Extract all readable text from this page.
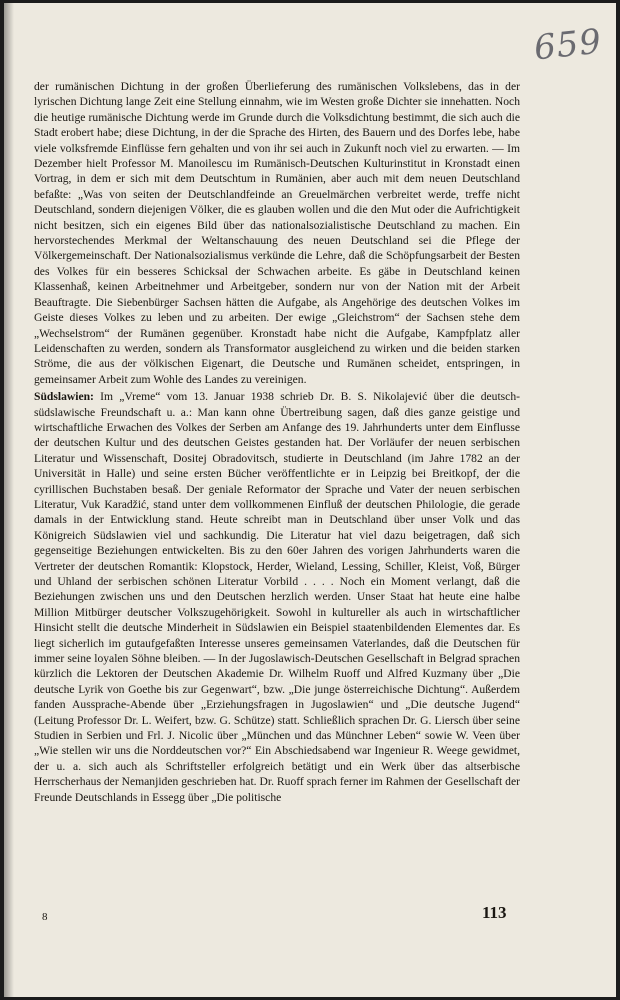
659

der rumänischen Dichtung in der großen Überlieferung des rumänischen Volkslebens, das in der lyrischen Dichtung lange Zeit eine Stellung einnahm, wie im Westen große Dichter sie innehatten. Noch die heutige rumänische Dichtung werde im Grunde durch die Volksdichtung bestimmt, die sich auch die Stadt erobert habe; diese Dichtung, in der die Sprache des Hirten, des Bauern und des Dorfes lebe, habe viele volksfremde Einflüsse fern gehalten und von ihr sei auch in Zukunft noch viel zu erwarten. — Im Dezember hielt Professor M. Manoilescu im Rumänisch-Deutschen Kulturinstitut in Kronstadt einen Vortrag, in dem er sich mit dem Deutschtum in Rumänien, aber auch mit dem neuen Deutschland befaßte: „Was von seiten der Deutschlandfeinde an Greuelmärchen verbreitet werde, treffe nicht Deutschland, sondern diejenigen Völker, die es glauben wollen und die den Mut oder die Aufrichtigkeit nicht besitzen, sich ein eigenes Bild über das nationalsozialistische Deutschland zu machen. Ein hervorstechendes Merkmal der Weltanschauung des neuen Deutschland sei die Pflege der Völkergemeinschaft. Der Nationalsozialismus verkünde die Lehre, daß die Schöpfungsarbeit der Besten des Volkes für ein besseres Schicksal der Schwachen arbeite. Es gäbe in Deutschland keinen Klassenhaß, keinen Arbeitnehmer und Arbeitgeber, sondern nur von der Nation mit der Arbeit Beauftragte. Die Siebenbürger Sachsen hätten die Aufgabe, als Angehörige des deutschen Volkes im Geiste dieses Volkes zu leben und zu arbeiten. Der ewige „Gleichstrom“ der Sachsen stehe dem „Wechselstrom“ der Rumänen gegenüber. Kronstadt habe nicht die Aufgabe, Kampfplatz aller Leidenschaften zu werden, sondern als Transformator ausgleichend zu wirken und die beiden starken Ströme, die aus der völkischen Eigenart, die Deutsche und Rumänen scheidet, entspringen, in gemeinsamer Arbeit zum Wohle des Landes zu vereinigen.

Südslawien: Im „Vreme“ vom 13. Januar 1938 schrieb Dr. B. S. Nikolajević über die deutsch-südslawische Freundschaft u. a.: Man kann ohne Übertreibung sagen, daß dies ganze geistige und wirtschaftliche Erwachen des Volkes der Serben am Anfange des 19. Jahrhunderts unter dem Einflusse der deutschen Kultur und des deutschen Geistes gestanden hat. Der Vorläufer der neuen serbischen Literatur und Wissenschaft, Dositej Obradovitsch, studierte in Deutschland (im Jahre 1782 an der Universität in Halle) und seine ersten Bücher veröffentlichte er in Leipzig bei Breitkopf, der die cyrillischen Buchstaben besaß. Der geniale Reformator der Sprache und Vater der neuen serbischen Literatur, Vuk Karadžić, stand unter dem vollkommenen Einfluß der deutschen Philologie, die gerade damals in der Entwicklung stand. Heute schreibt man in Deutschland über unser Volk und das Königreich Südslawien viel und sachkundig. Die Literatur hat viel dazu beigetragen, daß sich gegenseitige Beziehungen entwickelten. Bis zu den 60er Jahren des vorigen Jahrhunderts waren die Vertreter der deutschen Romantik: Klopstock, Herder, Wieland, Lessing, Schiller, Kleist, Voß, Bürger und Uhland der serbischen schönen Literatur Vorbild . . . . Noch ein Moment verlangt, daß die Beziehungen zwischen uns und den Deutschen herzlich werden. Unser Staat hat heute eine halbe Million Mitbürger deutscher Volkszugehörigkeit. Sowohl in kultureller als auch in wirtschaftlicher Hinsicht stellt die deutsche Minderheit in Südslawien ein Beispiel staatenbildenden Elementes dar. Es liegt sicherlich im gutaufgefaßten Interesse unseres gemeinsamen Vaterlandes, daß die Deutschen für immer seine loyalen Söhne bleiben. — In der Jugoslawisch-Deutschen Gesellschaft in Belgrad sprachen kürzlich die Lektoren der Deutschen Akademie Dr. Wilhelm Ruoff und Alfred Kuzmany über „Die deutsche Lyrik von Goethe bis zur Gegenwart“, bzw. „Die junge österreichische Dichtung“. Außerdem fanden Aussprache-Abende über „Erziehungsfragen in Jugoslawien“ und „Die deutsche Jugend“ (Leitung Professor Dr. L. Weifert, bzw. G. Schütze) statt. Schließlich sprachen Dr. G. Liersch über seine Studien in Serbien und Frl. J. Nicolic über „München und das Münchner Leben“ sowie W. Veen über „Wie stellen wir uns die Norddeutschen vor?“ Ein Abschiedsabend war Ingenieur R. Weege gewidmet, der u. a. sich auch als Schriftsteller erfolgreich betätigt und ein Werk über das altserbische Herrscherhaus der Nemanjiden geschrieben hat. Dr. Ruoff sprach ferner im Rahmen der Gesellschaft der Freunde Deutschlands in Essegg über „Die politische

8	113
